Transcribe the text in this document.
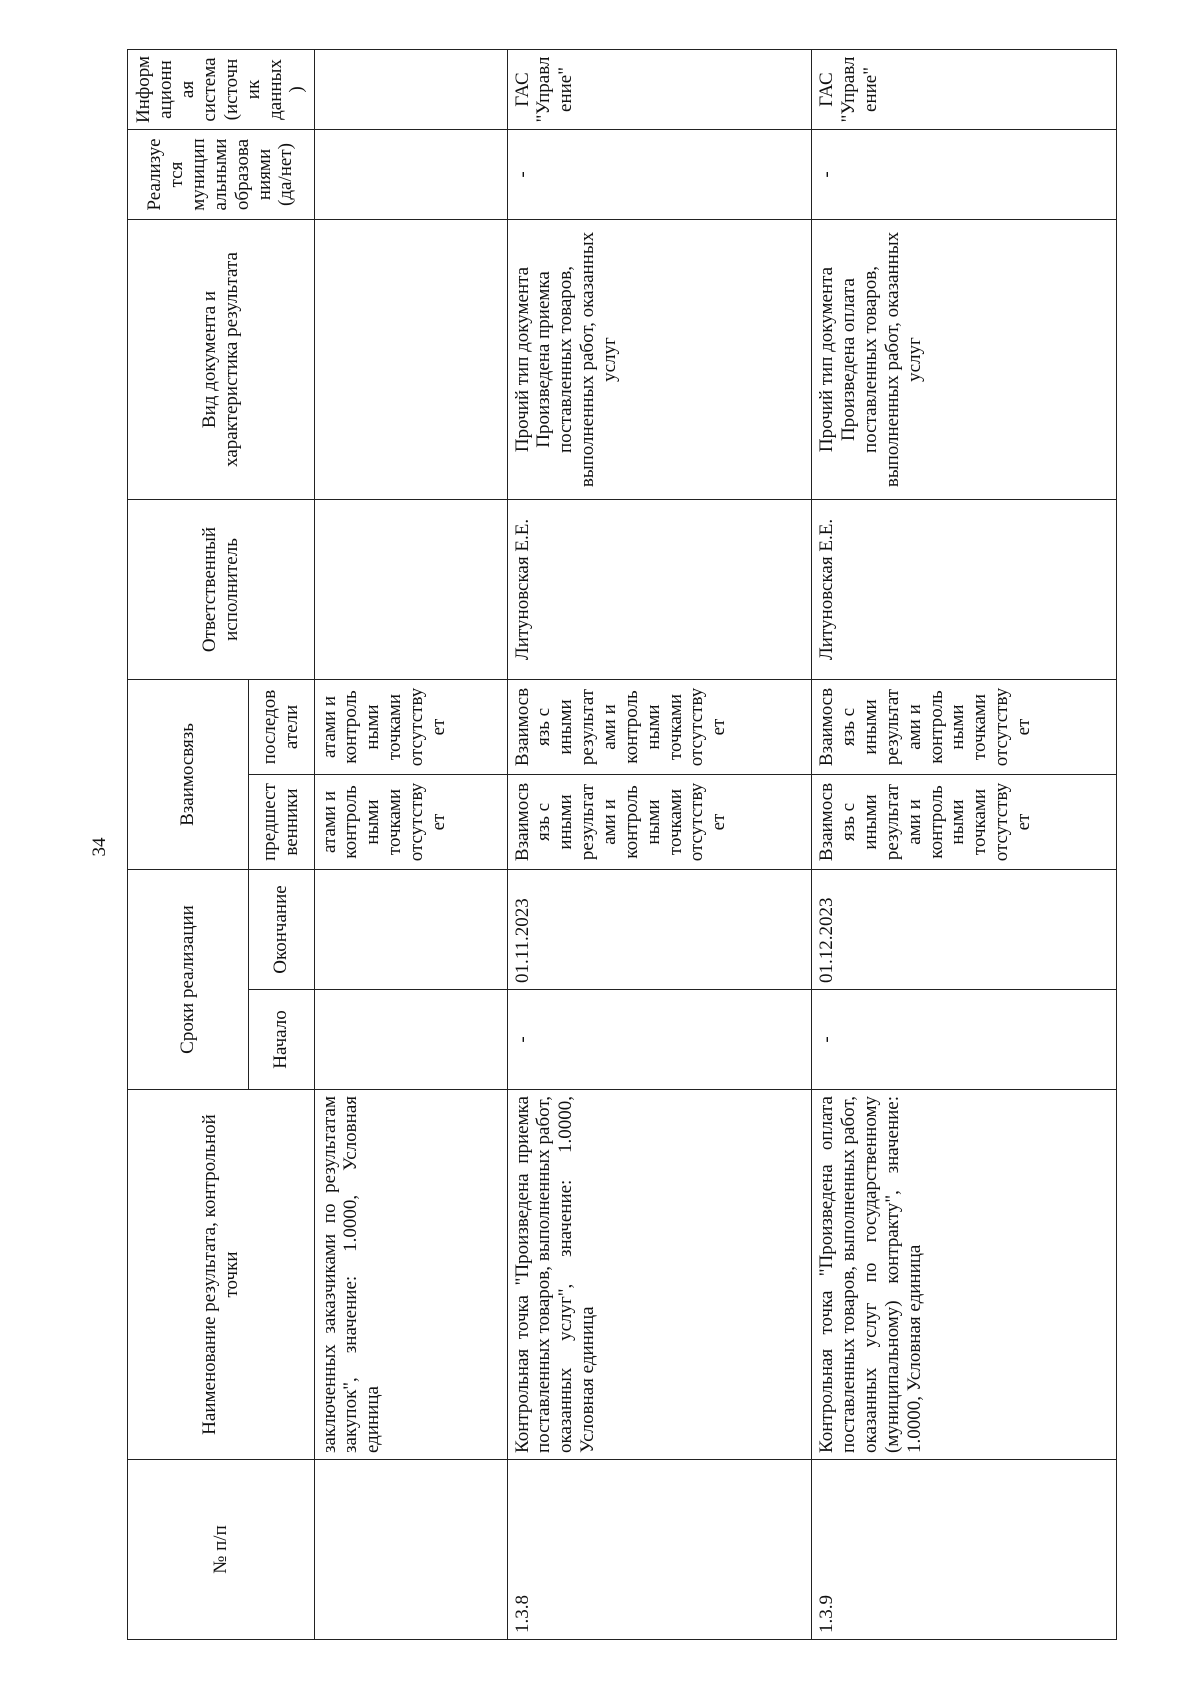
34
№ п/п	Наименование результата, контрольной точки	Сроки реализации		Взаимосвязь		Ответственный исполнитель	Вид документа и характеристика результата	Реализуется муниципальными образованиями (да/нет)	Информационная система (источник данных)
		Начало	Окончание	предшественники	последователи				
	заключенных заказчиками по результатам закупок", значение: 1.0000, Условная единица			атами и контрольными точками отсутствует	атами и контрольными точками отсутствует				
1.3.8	Контрольная точка "Произведена приемка поставленных товаров, выполненных работ, оказанных услуг", значение: 1.0000, Условная единица	-	01.11.2023	Взаимосвязь с иными результатами и контрольными точками отсутствует	Взаимосвязь с иными результатами и контрольными точками отсутствует	Литуновская Е.Е.	Прочий тип документа Произведена приемка поставленных товаров, выполненных работ, оказанных услуг	-	ГАС "Управление"
1.3.9	Контрольная точка "Произведена оплата поставленных товаров, выполненных работ, оказанных услуг по государственному (муниципальному) контракту", значение: 1.0000, Условная единица	-	01.12.2023	Взаимосвязь с иными результатами и контрольными точками отсутствует	Взаимосвязь с иными результатами и контрольными точками отсутствует	Литуновская Е.Е.	Прочий тип документа Произведена оплата поставленных товаров, выполненных работ, оказанных услуг	-	ГАС "Управление"
